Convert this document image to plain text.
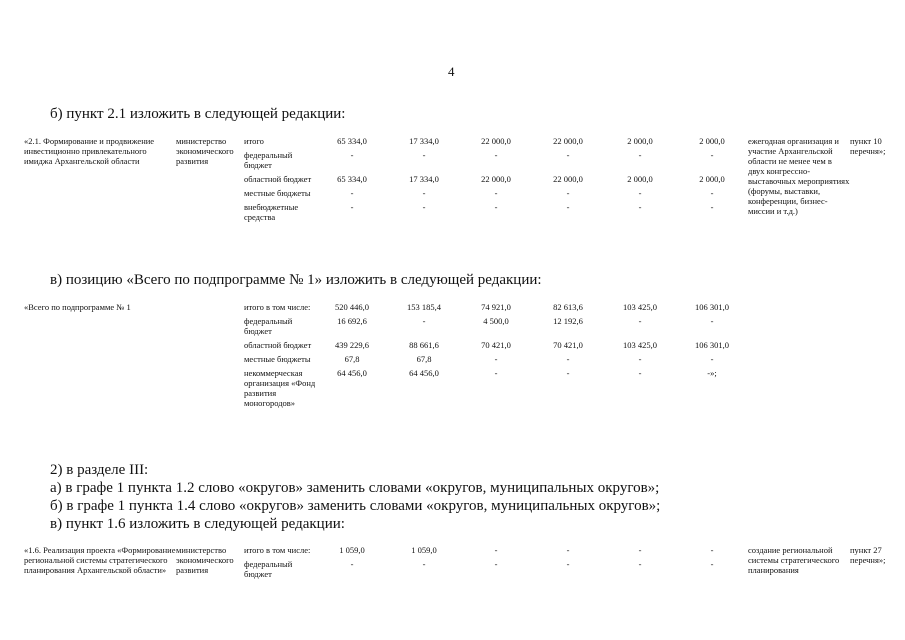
4
б) пункт 2.1 изложить в следующей редакции:
«2.1. Формирование и продвижение инвестиционно привлекательного имиджа Архангельской области	министерство экономического развития	итого	65 334,0	17 334,0	22 000,0	22 000,0	2 000,0	2 000,0	ежегодная организация и участие Архангельской области не менее чем в двух конгрессно-выставочных мероприятиях (форумы, выставки, конференции, бизнес-миссии и т.д.)	пункт 10 перечня»;
		федеральный бюджет	-	-	-	-	-	-		
		областной бюджет	65 334,0	17 334,0	22 000,0	22 000,0	2 000,0	2 000,0		
		местные бюджеты	-	-	-	-	-	-		
		внебюджетные средства	-	-	-	-	-	-		
в) позицию «Всего по подпрограмме № 1» изложить в следующей редакции:
«Всего по подпрограмме № 1	итого в том числе:	520 446,0	153 185,4	74 921,0	82 613,6	103 425,0	106 301,0	
	федеральный бюджет	16 692,6	-	4 500,0	12 192,6	-	-	
	областной бюджет	439 229,6	88 661,6	70 421,0	70 421,0	103 425,0	106 301,0	
	местные бюджеты	67,8	67,8	-	-	-	-	
	некоммерческая организация «Фонд развития моногородов»	64 456,0	64 456,0	-	-	-	-»;	
2) в разделе III:
а) в графе 1 пункта 1.2 слово «округов» заменить словами «округов, муниципальных округов»;
б) в графе 1 пункта 1.4 слово «округов» заменить словами «округов, муниципальных округов»;
в) пункт 1.6 изложить в следующей редакции:
«1.6. Реализация проекта «Формирование региональной системы стратегического планирования Архангельской области»	министерство экономического развития	итого в том числе:	1 059,0	1 059,0	-	-	-	-	создание региональной системы стратегического планирования	пункт 27 перечня»;
		федеральный бюджет	-	-	-	-	-	-		
